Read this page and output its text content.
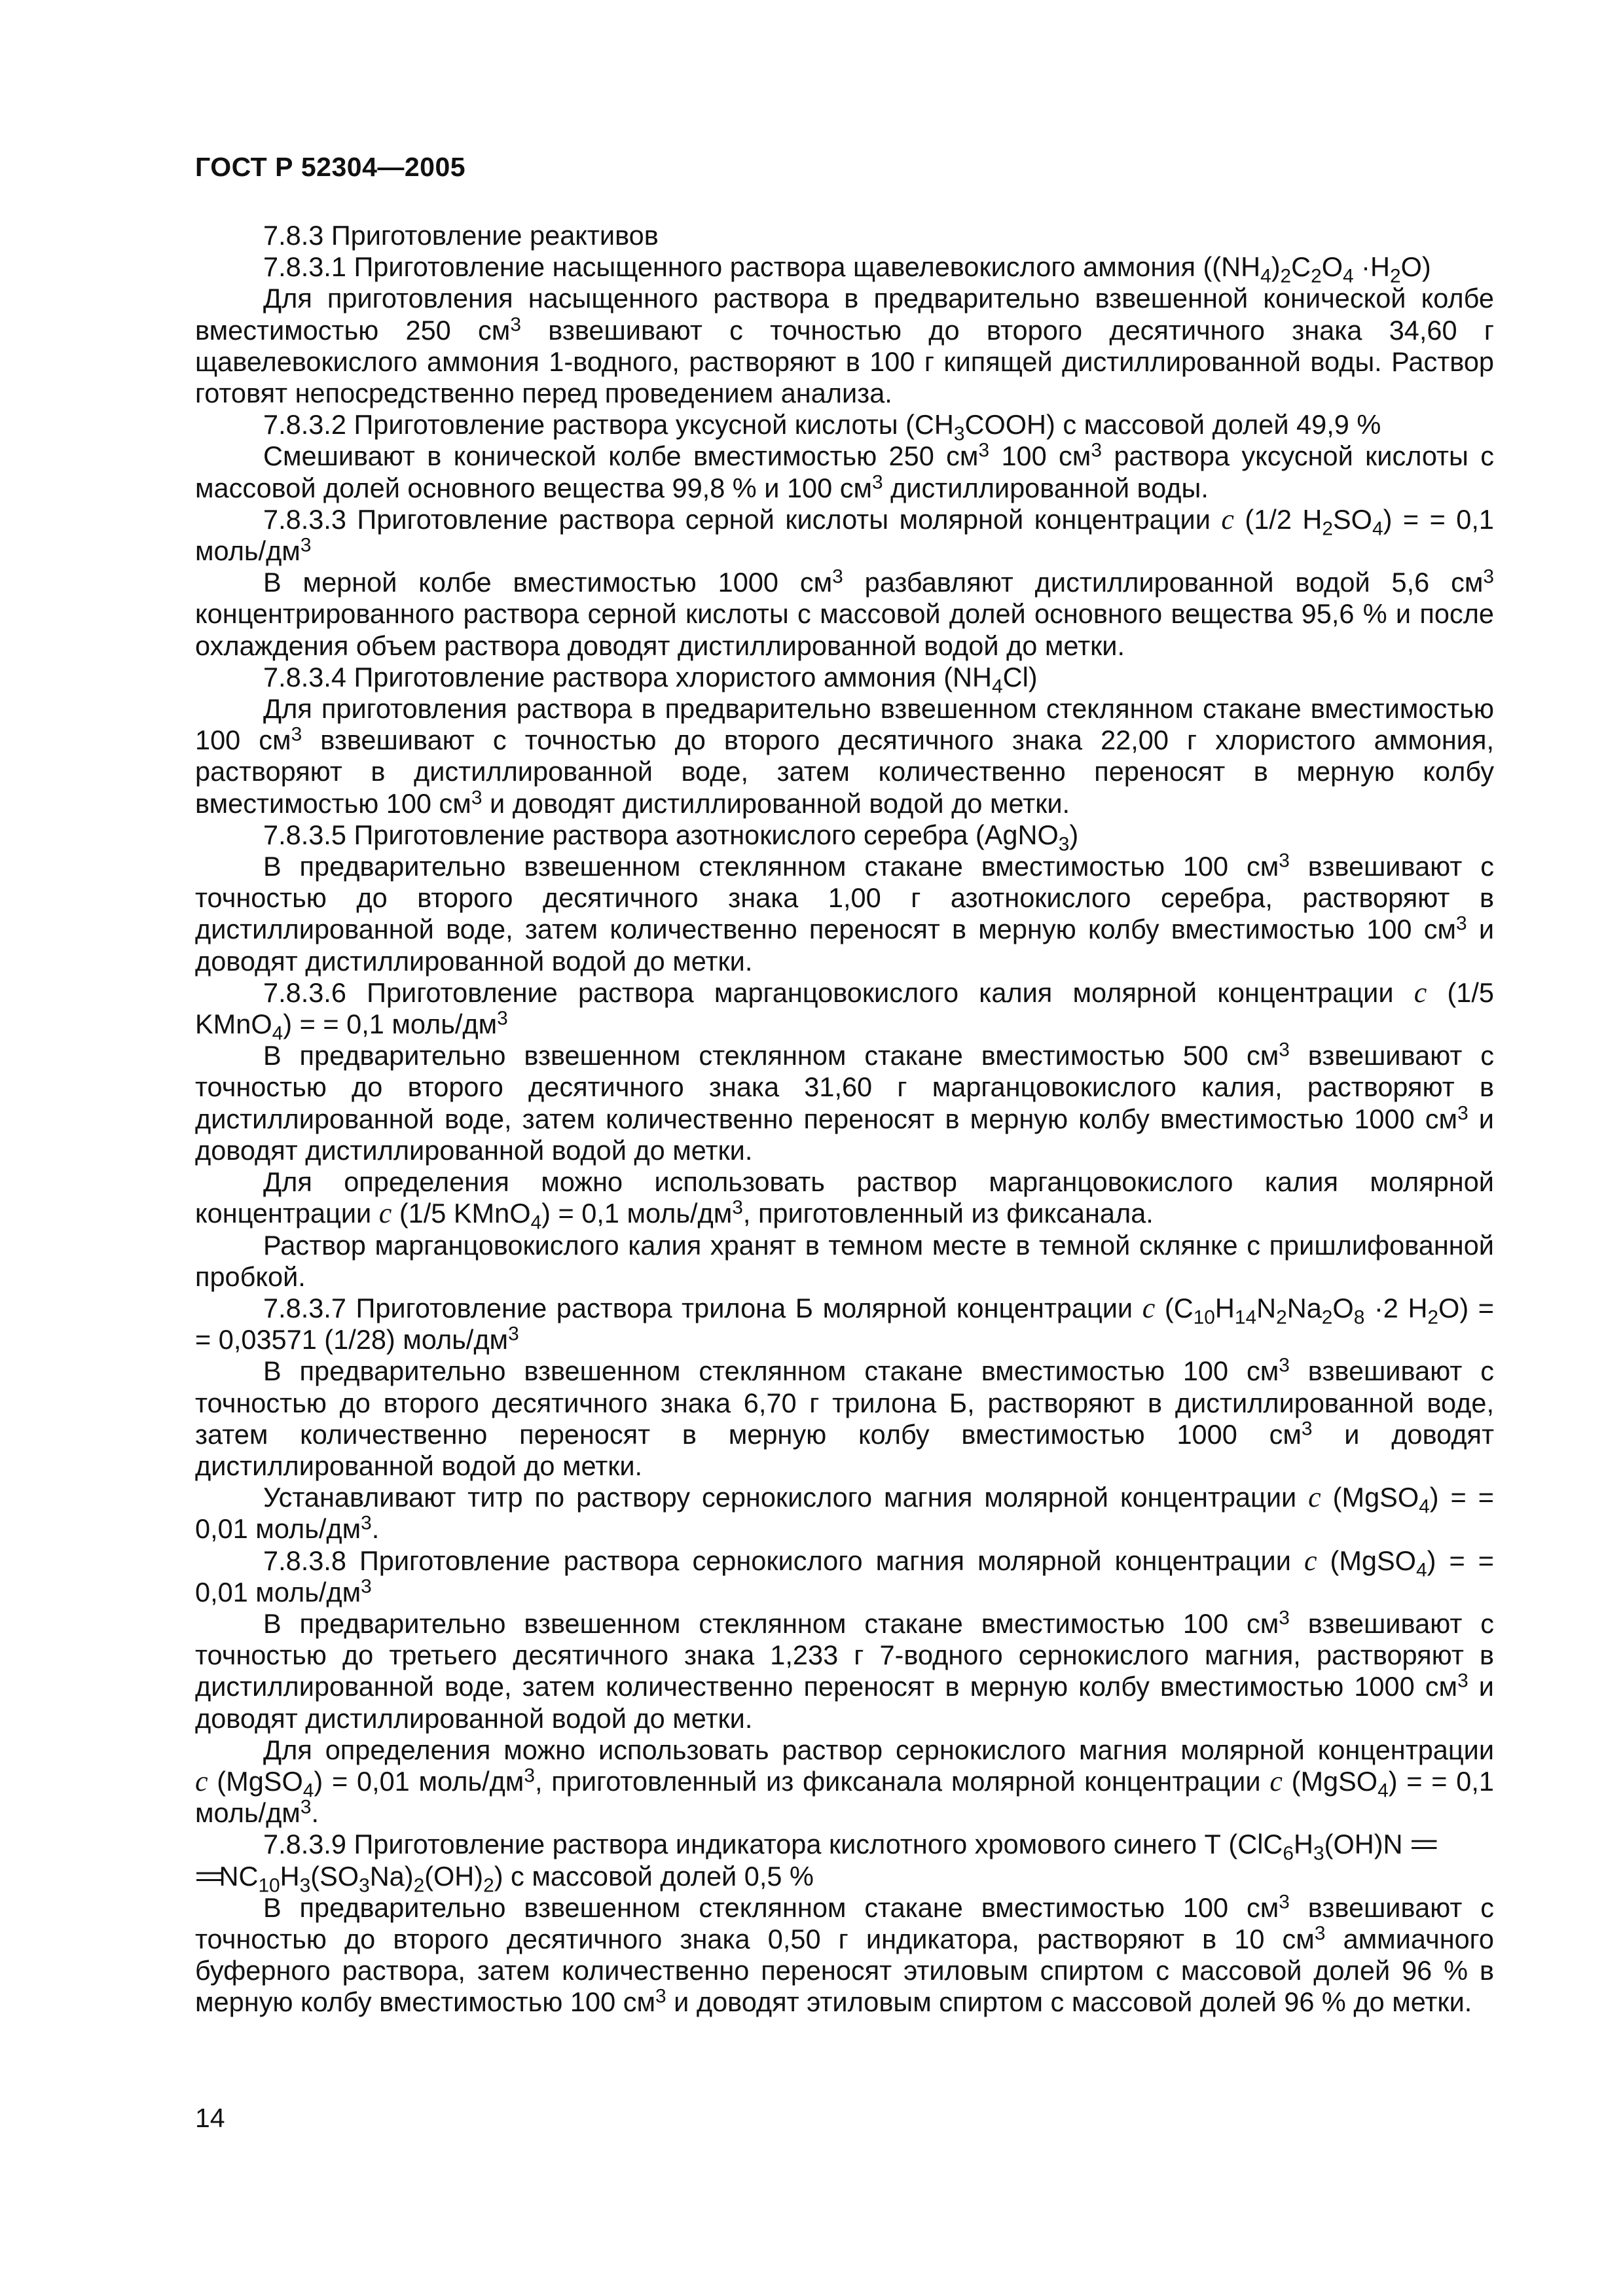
ГОСТ Р 52304—2005

7.8.3 Приготовление реактивов

7.8.3.1 Приготовление насыщенного раствора щавелевокислого аммония $((NH_4)_2C_2O_4 \cdot H_2O)$

Для приготовления насыщенного раствора в предварительно взвешенной конической колбе вместимостью 250 $см^3$ взвешивают с точностью до второго десятичного знака 34,60 г щавелевокислого аммония 1-водного, растворяют в 100 г кипящей дистиллированной воды. Раствор готовят непосредственно перед проведением анализа.

7.8.3.2 Приготовление раствора уксусной кислоты $(CH_3COOH)$ с массовой долей 49,9 %

Смешивают в конической колбе вместимостью 250 $см^3$ 100 $см^3$ раствора уксусной кислоты с массовой долей основного вещества 99,8 % и 100 $см^3$ дистиллированной воды.

7.8.3.3 Приготовление раствора серной кислоты молярной концентрации c (1/2 $H_2SO_4$) = = 0,1 моль/$дм^3$

В мерной колбе вместимостью 1000 $см^3$ разбавляют дистиллированной водой 5,6 $см^3$ концентрированного раствора серной кислоты с массовой долей основного вещества 95,6 % и после охлаждения объем раствора доводят дистиллированной водой до метки.

7.8.3.4 Приготовление раствора хлористого аммония $(NH_4Cl)$

Для приготовления раствора в предварительно взвешенном стеклянном стакане вместимостью 100 $см^3$ взвешивают с точностью до второго десятичного знака 22,00 г хлористого аммония, растворяют в дистиллированной воде, затем количественно переносят в мерную колбу вместимостью 100 $см^3$ и доводят дистиллированной водой до метки.

7.8.3.5 Приготовление раствора азотнокислого серебра (AgNO$_3$)

В предварительно взвешенном стеклянном стакане вместимостью 100 $см^3$ взвешивают с точностью до второго десятичного знака 1,00 г азотнокислого серебра, растворяют в дистиллированной воде, затем количественно переносят в мерную колбу вместимостью 100 $см^3$ и доводят дистиллированной водой до метки.

7.8.3.6 Приготовление раствора марганцовокислого калия молярной концентрации c (1/5 KMnO$_4$) = = 0,1 моль/$дм^3$

В предварительно взвешенном стеклянном стакане вместимостью 500 $см^3$ взвешивают с точностью до второго десятичного знака 31,60 г марганцовокислого калия, растворяют в дистиллированной воде, затем количественно переносят в мерную колбу вместимостью 1000 $см^3$ и доводят дистиллированной водой до метки.

Для определения можно использовать раствор марганцовокислого калия молярной концентрации c (1/5 KMnO$_4$) = 0,1 моль/$дм^3$, приготовленный из фиксанала.

Раствор марганцовокислого калия хранят в темном месте в темной склянке с пришлифованной пробкой.

7.8.3.7 Приготовление раствора трилона Б молярной концентрации c ($C_{10}H_{14}N_2Na_2O_8 \cdot 2$ $H_2O$) = = 0,03571 (1/28) моль/$дм^3$

В предварительно взвешенном стеклянном стакане вместимостью 100 $см^3$ взвешивают с точностью до второго десятичного знака 6,70 г трилона Б, растворяют в дистиллированной воде, затем количественно переносят в мерную колбу вместимостью 1000 $см^3$ и доводят дистиллированной водой до метки.

Устанавливают титр по раствору сернокислого магния молярной концентрации c (MgSO$_4$) = = 0,01 моль/$дм^3$.

7.8.3.8 Приготовление раствора сернокислого магния молярной концентрации c (MgSO$_4$) = = 0,01 моль/$дм^3$

В предварительно взвешенном стеклянном стакане вместимостью 100 $см^3$ взвешивают с точностью до третьего десятичного знака 1,233 г 7-водного сернокислого магния, растворяют в дистиллированной воде, затем количественно переносят в мерную колбу вместимостью 1000 $см^3$ и доводят дистиллированной водой до метки.

Для определения можно использовать раствор сернокислого магния молярной концентрации c (MgSO$_4$) = 0,01 моль/$дм^3$, приготовленный из фиксанала молярной концентрации c (MgSO$_4$) = = 0,1 моль/$дм^3$.

7.8.3.9 Приготовление раствора индикатора кислотного хромового синего Т ($ClC_6H_3(OH)N$ ==
$==NC_{10}H_3(SO_3Na)_2(OH)_2$) с массовой долей 0,5 %

В предварительно взвешенном стеклянном стакане вместимостью 100 $см^3$ взвешивают с точностью до второго десятичного знака 0,50 г индикатора, растворяют в 10 $см^3$ аммиачного буферного раствора, затем количественно переносят этиловым спиртом с массовой долей 96 % в мерную колбу вместимостью 100 $см^3$ и доводят этиловым спиртом с массовой долей 96 % до метки.

14
